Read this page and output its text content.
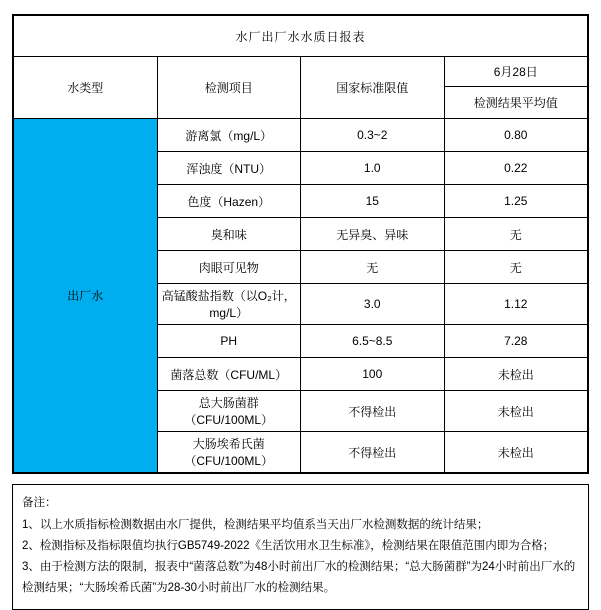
水厂出厂水水质日报表			
水类型	检测项目	国家标准限值	6月28日
			检测结果平均值
出厂水	游离氯（mg/L）	0.3~2	0.80
	浑浊度（NTU）	1.0	0.22
	色度（Hazen）	15	1.25
	臭和味	无异臭、异味	无
	肉眼可见物	无	无
	高锰酸盐指数（以O₂计，mg/L）	3.0	1.12
	PH	6.5~8.5	7.28
	菌落总数（CFU/ML）	100	未检出
	总大肠菌群（CFU/100ML）	不得检出	未检出
	大肠埃希氏菌（CFU/100ML）	不得检出	未检出

备注：

1、以上水质指标检测数据由水厂提供，检测结果平均值系当天出厂水检测数据的统计结果；

2、检测指标及指标限值均执行GB5749-2022《生活饮用水卫生标准》，检测结果在限值范围内即为合格；

3、由于检测方法的限制，报表中“菌落总数”为48小时前出厂水的检测结果；“总大肠菌群”为24小时前出厂水的检测结果；“大肠埃希氏菌”为28-30小时前出厂水的检测结果。
